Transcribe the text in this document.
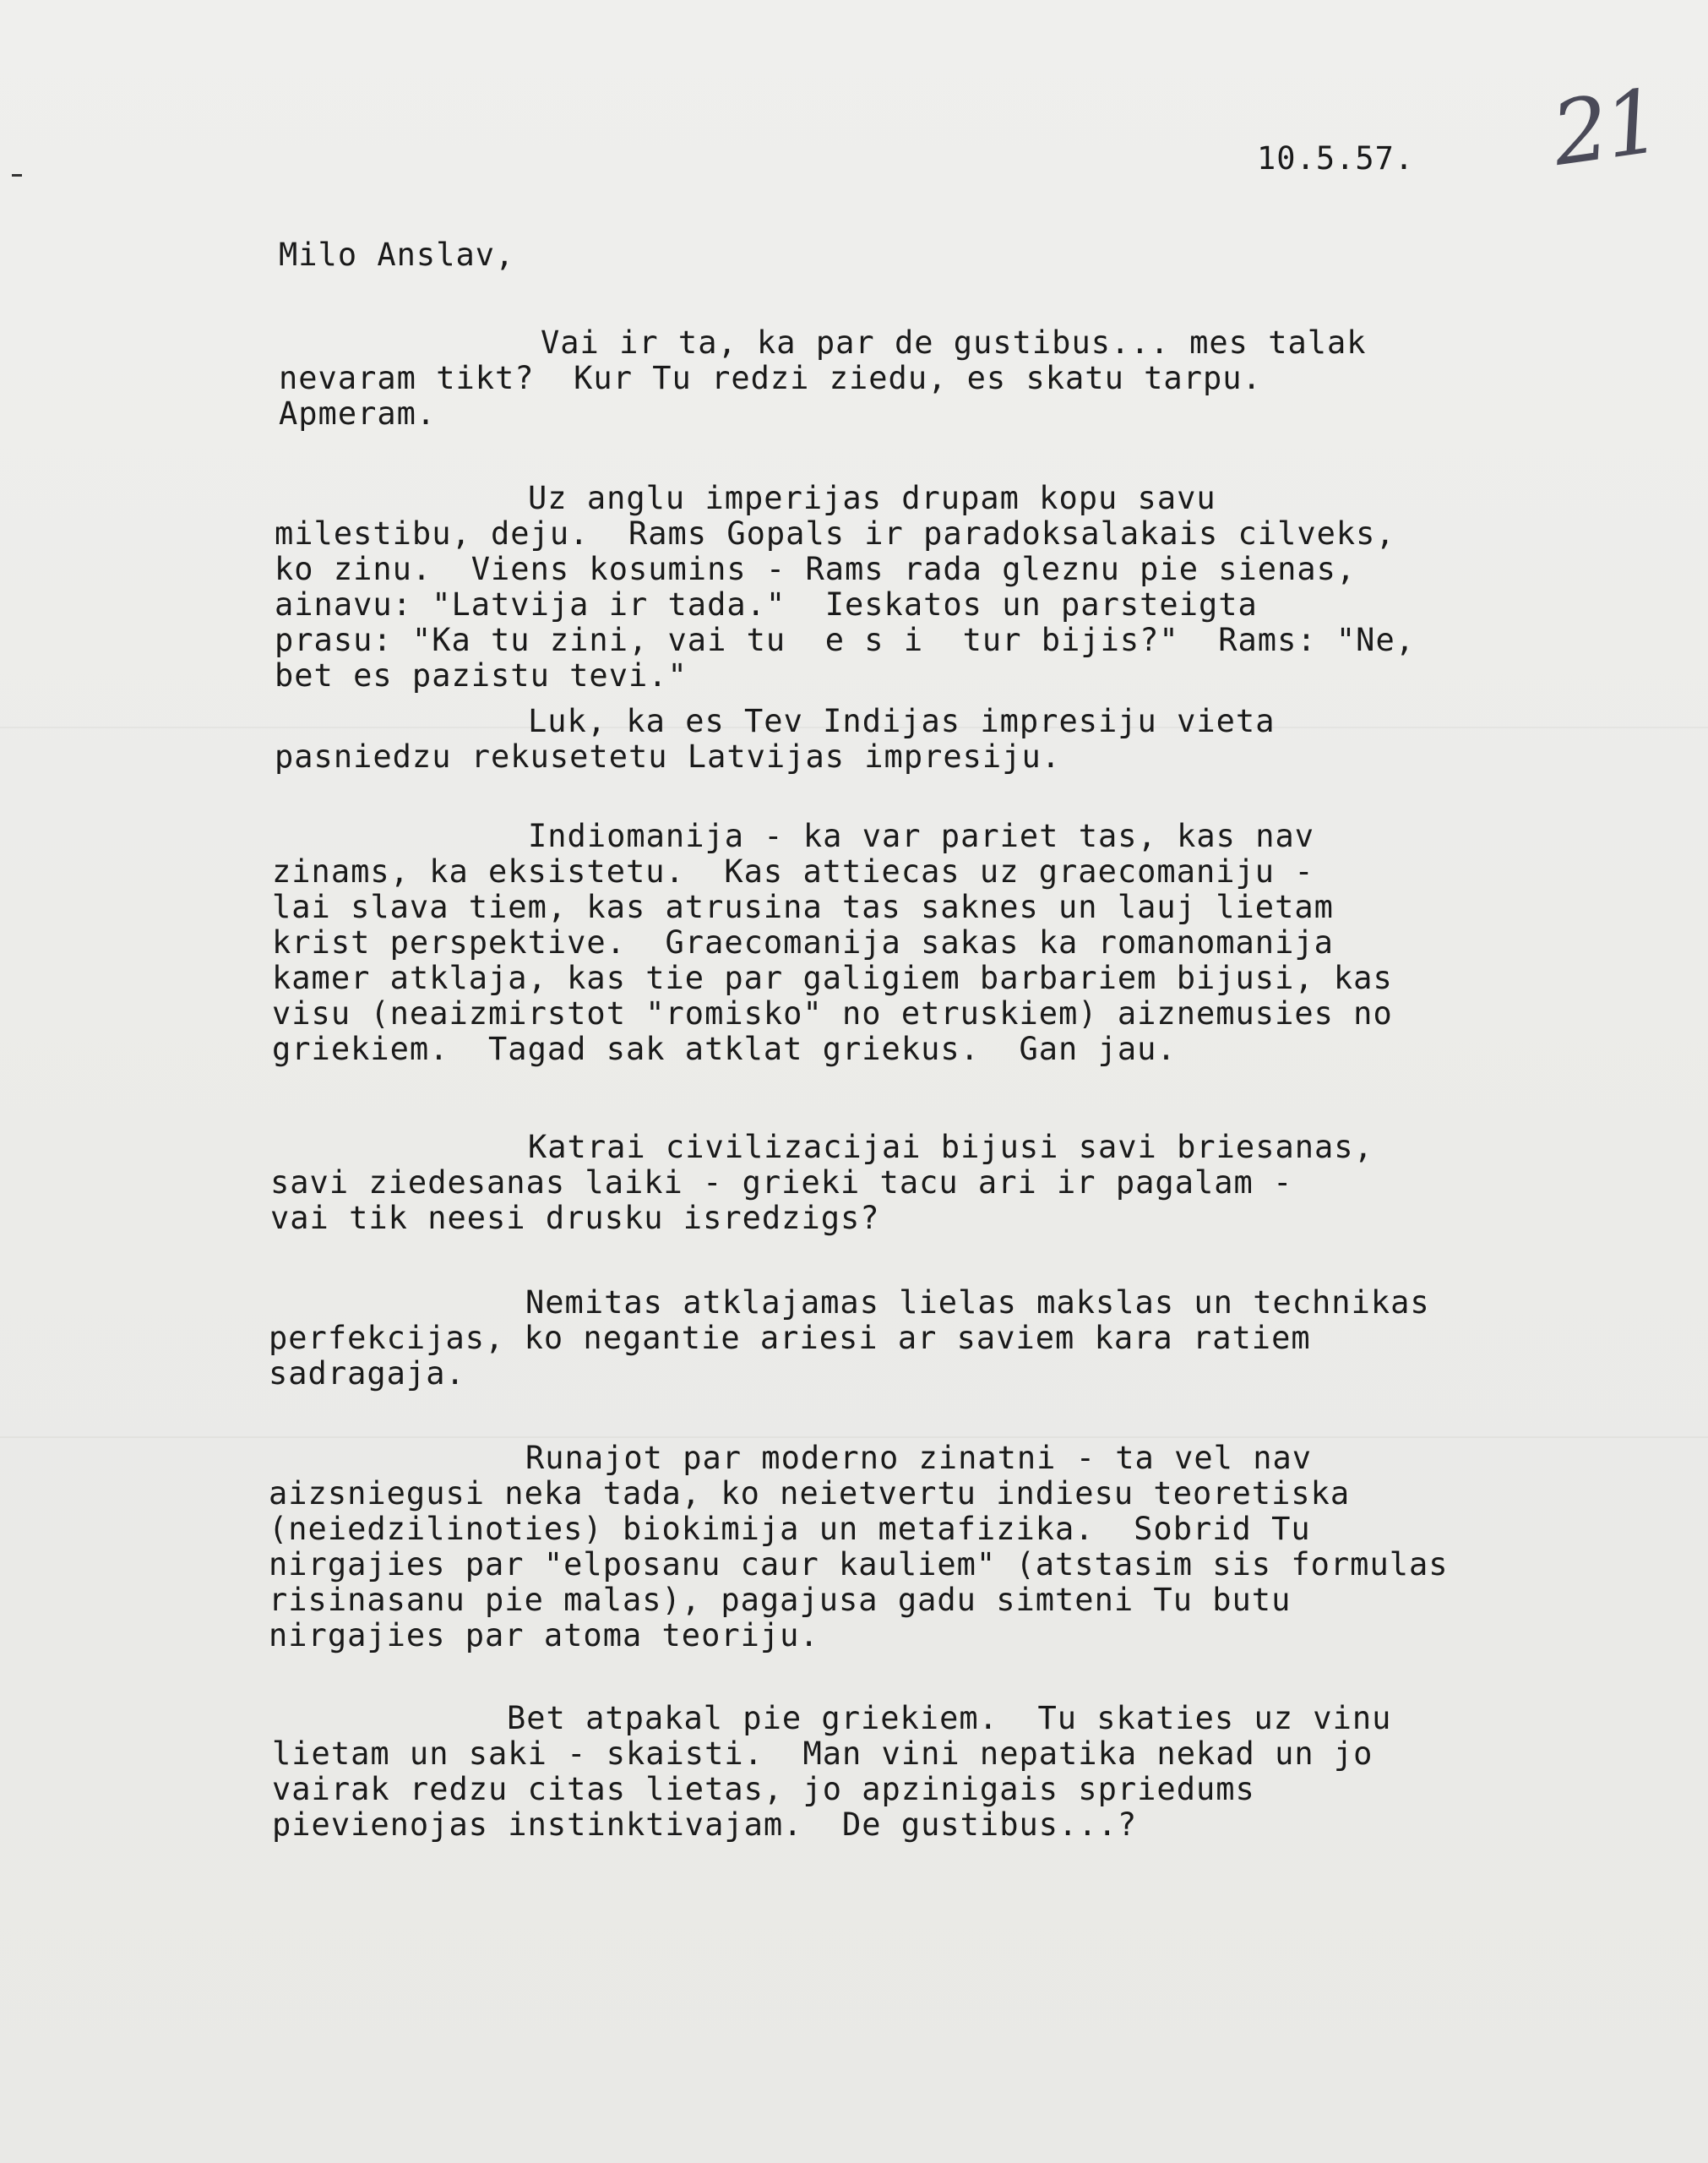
21
10.5.57.
Milo Anslav,
Vai ir ta, ka par de gustibus... mes talak
nevaram tikt?  Kur Tu redzi ziedu, es skatu tarpu.
Apmeram.
Uz anglu imperijas drupam kopu savu
milestibu, deju.  Rams Gopals ir paradoksalakais cilveks,
ko zinu.  Viens kosumins - Rams rada gleznu pie sienas,
ainavu: "Latvija ir tada."  Ieskatos un parsteigta
prasu: "Ka tu zini, vai tu  e s i  tur bijis?"  Rams: "Ne,
bet es pazistu tevi."
Luk, ka es Tev Indijas impresiju vieta
pasniedzu rekusetetu Latvijas impresiju.
Indiomanija - ka var pariet tas, kas nav
zinams, ka eksistetu.  Kas attiecas uz graecomaniju -
lai slava tiem, kas atrusina tas saknes un lauj lietam
krist perspektive.  Graecomanija sakas ka romanomanija
kamer atklaja, kas tie par galigiem barbariem bijusi, kas
visu (neaizmirstot "romisko" no etruskiem) aiznemusies no
griekiem.  Tagad sak atklat griekus.  Gan jau.
Katrai civilizacijai bijusi savi briesanas,
savi ziedesanas laiki - grieki tacu ari ir pagalam -
vai tik neesi drusku isredzigs?
Nemitas atklajamas lielas makslas un technikas
perfekcijas, ko negantie ariesi ar saviem kara ratiem
sadragaja.
Runajot par moderno zinatni - ta vel nav
aizsniegusi neka tada, ko neietvertu indiesu teoretiska
(neiedzilinoties) biokimija un metafizika.  Sobrid Tu
nirgajies par "elposanu caur kauliem" (atstasim sis formulas
risinasanu pie malas), pagajusa gadu simteni Tu butu
nirgajies par atoma teoriju.
Bet atpakal pie griekiem.  Tu skaties uz vinu
lietam un saki - skaisti.  Man vini nepatika nekad un jo
vairak redzu citas lietas, jo apzinigais spriedums
pievienojas instinktivajam.  De gustibus...?
